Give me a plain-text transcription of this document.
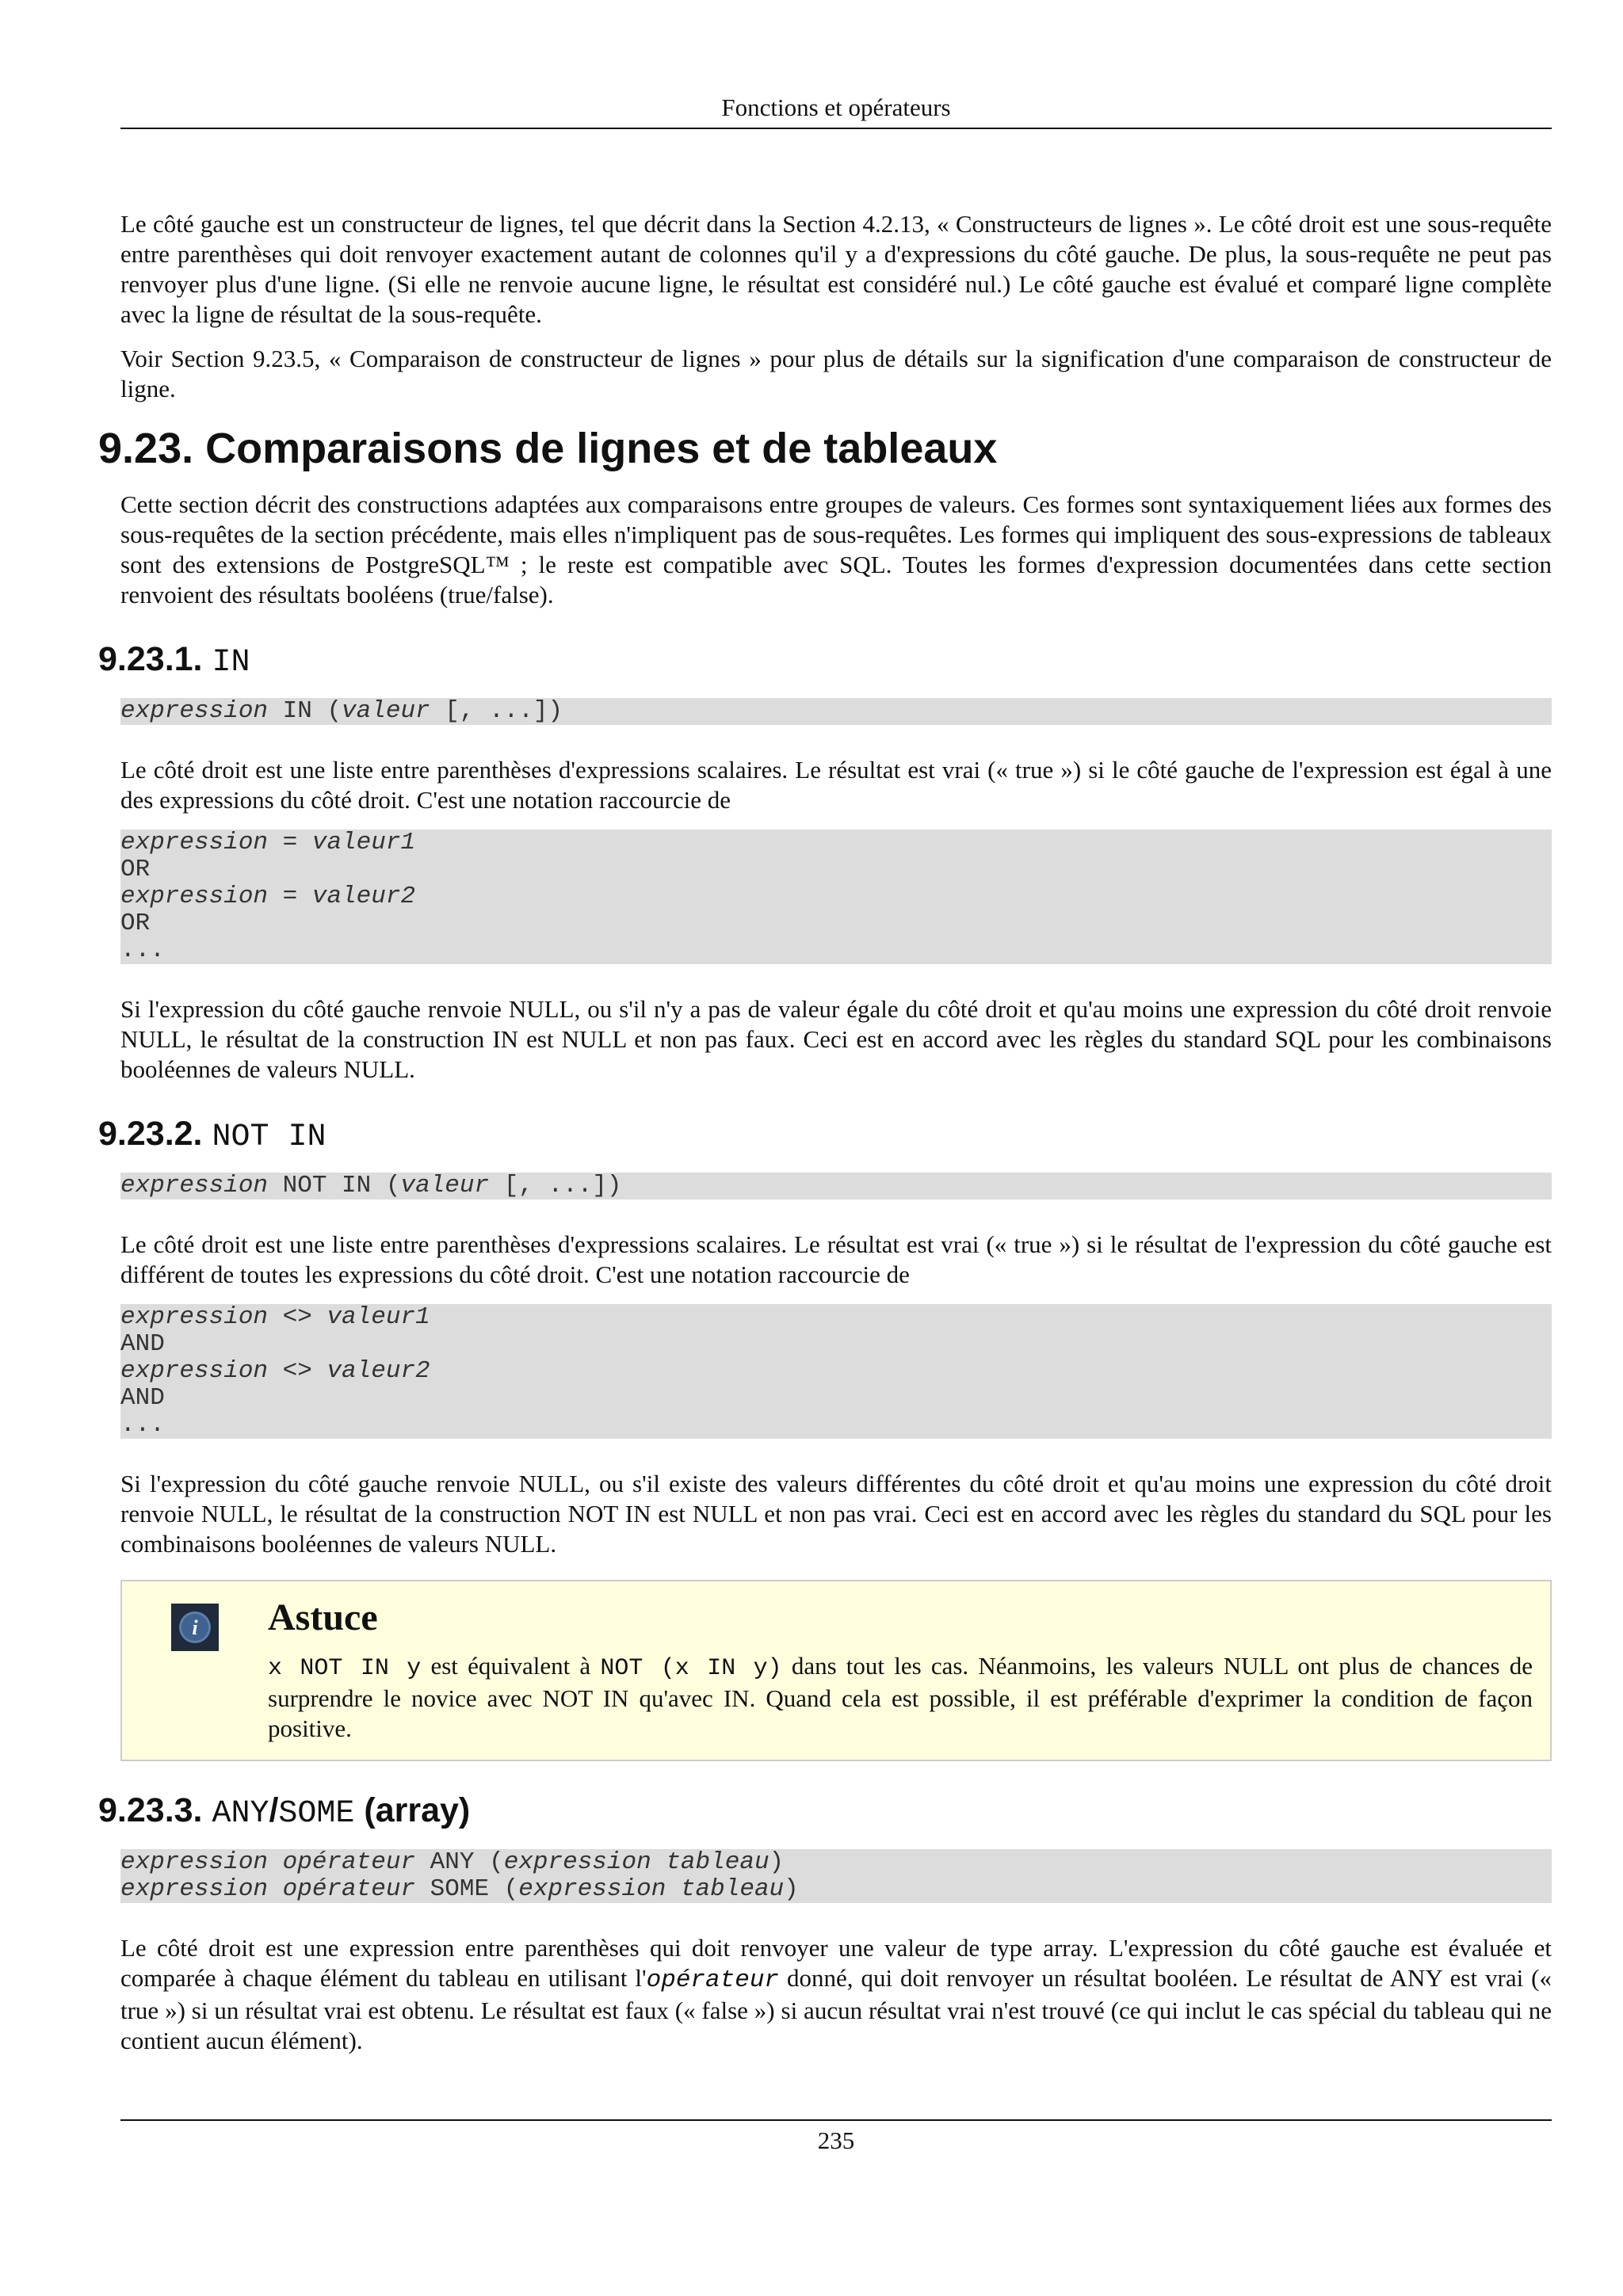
Fonctions et opérateurs

Le côté gauche est un constructeur de lignes, tel que décrit dans la Section 4.2.13, « Constructeurs de lignes ». Le côté droit est une sous-requête entre parenthèses qui doit renvoyer exactement autant de colonnes qu'il y a d'expressions du côté gauche. De plus, la sous-requête ne peut pas renvoyer plus d'une ligne. (Si elle ne renvoie aucune ligne, le résultat est considéré nul.) Le côté gauche est évalué et comparé ligne complète avec la ligne de résultat de la sous-requête.

Voir Section 9.23.5, « Comparaison de constructeur de lignes » pour plus de détails sur la signification d'une comparaison de constructeur de ligne.

9.23. Comparaisons de lignes et de tableaux

Cette section décrit des constructions adaptées aux comparaisons entre groupes de valeurs. Ces formes sont syntaxiquement liées aux formes des sous-requêtes de la section précédente, mais elles n'impliquent pas de sous-requêtes. Les formes qui impliquent des sous-expressions de tableaux sont des extensions de PostgreSQL™ ; le reste est compatible avec SQL. Toutes les formes d'expression documentées dans cette section renvoient des résultats booléens (true/false).

9.23.1. IN
expression IN (valeur [, ...])

Le côté droit est une liste entre parenthèses d'expressions scalaires. Le résultat est vrai (« true ») si le côté gauche de l'expression est égal à une des expressions du côté droit. C'est une notation raccourcie de

expression = valeur1
OR
expression = valeur2
OR
...

Si l'expression du côté gauche renvoie NULL, ou s'il n'y a pas de valeur égale du côté droit et qu'au moins une expression du côté droit renvoie NULL, le résultat de la construction IN est NULL et non pas faux. Ceci est en accord avec les règles du standard SQL pour les combinaisons booléennes de valeurs NULL.

9.23.2. NOT IN
expression NOT IN (valeur [, ...])

Le côté droit est une liste entre parenthèses d'expressions scalaires. Le résultat est vrai (« true ») si le résultat de l'expression du côté gauche est différent de toutes les expressions du côté droit. C'est une notation raccourcie de

expression <> valeur1
AND
expression <> valeur2
AND
...

Si l'expression du côté gauche renvoie NULL, ou s'il existe des valeurs différentes du côté droit et qu'au moins une expression du côté droit renvoie NULL, le résultat de la construction NOT IN est NULL et non pas vrai. Ceci est en accord avec les règles du standard du SQL pour les combinaisons booléennes de valeurs NULL.

i Astuce

x NOT IN y est équivalent à NOT (x IN y) dans tout les cas. Néanmoins, les valeurs NULL ont plus de chances de surprendre le novice avec NOT IN qu'avec IN. Quand cela est possible, il est préférable d'exprimer la condition de façon positive.

9.23.3. ANY/SOME (array)
expression opérateur ANY (expression tableau)
expression opérateur SOME (expression tableau)

Le côté droit est une expression entre parenthèses qui doit renvoyer une valeur de type array. L'expression du côté gauche est évaluée et comparée à chaque élément du tableau en utilisant l'opérateur donné, qui doit renvoyer un résultat booléen. Le résultat de ANY est vrai (« true ») si un résultat vrai est obtenu. Le résultat est faux (« false ») si aucun résultat vrai n'est trouvé (ce qui inclut le cas spécial du tableau qui ne contient aucun élément).

235
